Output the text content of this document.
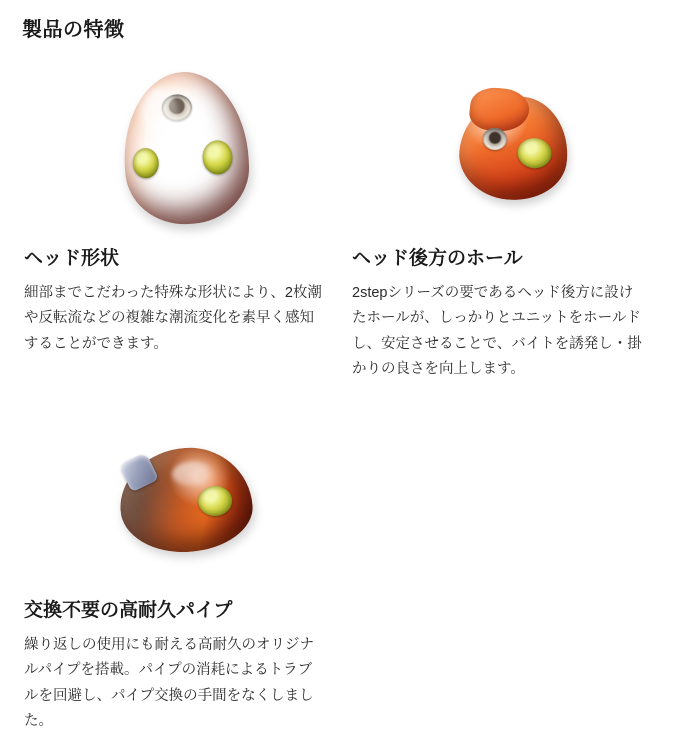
製品の特徴
ヘッド形状

細部までこだわった特殊な形状により、2枚潮や反転流などの複雑な潮流変化を素早く感知することができます。

ヘッド後方のホール

2stepシリーズの要であるヘッド後方に設けたホールが、しっかりとユニットをホールドし、安定させることで、バイトを誘発し・掛かりの良さを向上します。

交換不要の高耐久パイプ

繰り返しの使用にも耐える高耐久のオリジナルパイプを搭載。パイプの消耗によるトラブルを回避し、パイプ交換の手間をなくしました。
